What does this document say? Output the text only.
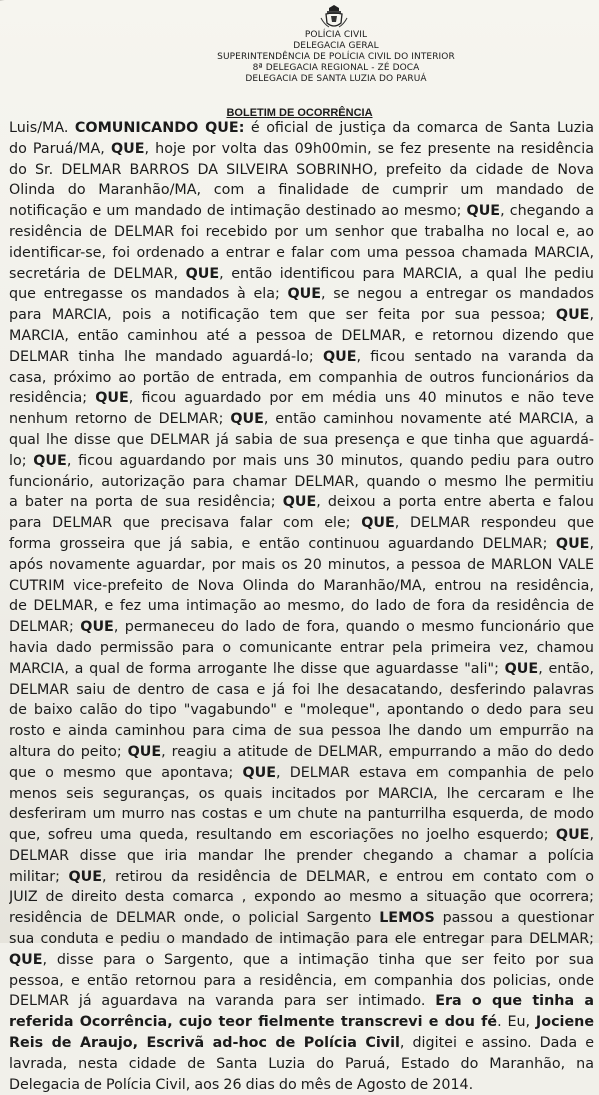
POLÍCIA CIVIL
DELEGACIA GERAL
SUPERINTENDÊNCIA DE POLÍCIA CIVIL DO INTERIOR
8ª DELEGACIA REGIONAL - ZÉ DOCA
DELEGACIA DE SANTA LUZIA DO PARUÁ
BOLETIM DE OCORRÊNCIA
Luis/MA. COMUNICANDO QUE: é oficial de justiça da comarca de Santa Luzia
do Paruá/MA, QUE, hoje por volta das 09h00min, se fez presente na residência
do Sr. DELMAR BARROS DA SILVEIRA SOBRINHO, prefeito da cidade de Nova
Olinda do Maranhão/MA, com a finalidade de cumprir um mandado de
notificação e um mandado de intimação destinado ao mesmo; QUE, chegando a
residência de DELMAR foi recebido por um senhor que trabalha no local e, ao
identificar-se, foi ordenado a entrar e falar com uma pessoa chamada MARCIA,
secretária de DELMAR, QUE, então identificou para MARCIA, a qual lhe pediu
que entregasse os mandados à ela; QUE, se negou a entregar os mandados
para MARCIA, pois a notificação tem que ser feita por sua pessoa; QUE,
MARCIA, então caminhou até a pessoa de DELMAR, e retornou dizendo que
DELMAR tinha lhe mandado aguardá-lo; QUE, ficou sentado na varanda da
casa, próximo ao portão de entrada, em companhia de outros funcionários da
residência; QUE, ficou aguardado por em média uns 40 minutos e não teve
nenhum retorno de DELMAR; QUE, então caminhou novamente até MARCIA, a
qual lhe disse que DELMAR já sabia de sua presença e que tinha que aguardá-
lo; QUE, ficou aguardando por mais uns 30 minutos, quando pediu para outro
funcionário, autorização para chamar DELMAR, quando o mesmo lhe permitiu
a bater na porta de sua residência; QUE, deixou a porta entre aberta e falou
para DELMAR que precisava falar com ele; QUE, DELMAR respondeu que
forma grosseira que já sabia, e então continuou aguardando DELMAR; QUE,
após novamente aguardar, por mais os 20 minutos, a pessoa de MARLON VALE
CUTRIM vice-prefeito de Nova Olinda do Maranhão/MA, entrou na residência,
de DELMAR, e fez uma intimação ao mesmo, do lado de fora da residência de
DELMAR; QUE, permaneceu do lado de fora, quando o mesmo funcionário que
havia dado permissão para o comunicante entrar pela primeira vez, chamou
MARCIA, a qual de forma arrogante lhe disse que aguardasse "ali"; QUE, então,
DELMAR saiu de dentro de casa e já foi lhe desacatando, desferindo palavras
de baixo calão do tipo "vagabundo" e "moleque", apontando o dedo para seu
rosto e ainda caminhou para cima de sua pessoa lhe dando um empurrão na
altura do peito; QUE, reagiu a atitude de DELMAR, empurrando a mão do dedo
que o mesmo que apontava; QUE, DELMAR estava em companhia de pelo
menos seis seguranças, os quais incitados por MARCIA, lhe cercaram e lhe
desferiram um murro nas costas e um chute na panturrilha esquerda, de modo
que, sofreu uma queda, resultando em escoriações no joelho esquerdo; QUE,
DELMAR disse que iria mandar lhe prender chegando a chamar a polícia
militar; QUE, retirou da residência de DELMAR, e entrou em contato com o
JUIZ de direito desta comarca , expondo ao mesmo a situação que ocorrera;
residência de DELMAR onde, o policial Sargento LEMOS passou a questionar
sua conduta e pediu o mandado de intimação para ele entregar para DELMAR;
QUE, disse para o Sargento, que a intimação tinha que ser feito por sua
pessoa, e então retornou para a residência, em companhia dos policias, onde
DELMAR já aguardava na varanda para ser intimado. Era o que tinha a
referida Ocorrência, cujo teor fielmente transcrevi e dou fé. Eu, Jociene
Reis de Araujo, Escrivã ad-hoc de Polícia Civil, digitei e assino. Dada e
lavrada, nesta cidade de Santa Luzia do Paruá, Estado do Maranhão, na
Delegacia de Polícia Civil, aos 26 dias do mês de Agosto de 2014.
